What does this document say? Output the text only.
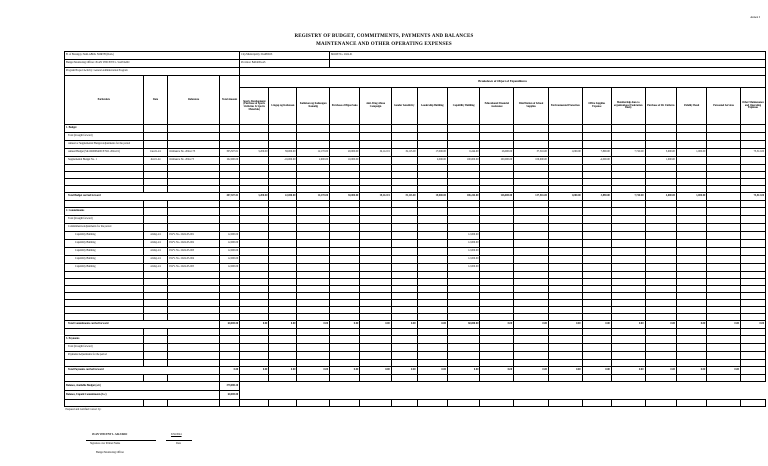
Annex I
REGISTRY OF BUDGET, COMMITMENTS, PAYMENTS AND BALANCES
MAINTENANCE AND OTHER OPERATING EXPENSES
B. of Barangay: MALABOG NORTH (DAG)				City/Municipality: DAPDIOS			MOOE No. 2024-01													
Budget Monitoring Officer: JUAN VINCENT L. SALVADO				Province: BATANGAS																
Program/Project/Activity: General Administration Program																				
Particulars	Date	Reference	Total Amount	Breakdown of Object of Expenditures																
				Sports Development (Purchase of Sports Uniforms & Sports Materials)	Lingap ng Kabataan	Kalinisan ng Kalusugan Kamalig	Purchase of Bigas/Sako	Anti-Drug Abuse Campaign	Gender Sensitivity	Leadership Building	Capability Building	Educational Financial Assistance	Distribution of School Supplies	Environmental Protection	Office Supplies Expense	Membership dues to organizations (Federation Dues)	Purchase of SK Uniform	Fidelity Bond	Personnel Services	Other Maintenance and Operating Expenses
1. Budget																				
Total (brought forward)																				
Annual or Supplemental Budget/Adjustments for the period																				
Annual Budget (SK ORDINANCE NO. 2024-01)	Jan-01-24	Ordinance No. 2024-173	305,307.01	3,200.00	38,000.00	12,170.00	20,000.00	19,112.01	19,113.00	17,000.00	6,244.00	26,000.00	37,516.00	1,000.00	7,890.00	7,720.00	3,000.00	1,000.00		73,512.00
Supplemental Budget No. 1	Jul-01-24	Ordinance No. 2024-73	102,000.00		-16,000.00	2,000.00	10,000.00			2,000.00	100,000.00	100,000.00	100,000.00		-4,000.00		1,000.00			

Total Budget carried forward			407,307.01	3,200.00	22,000.00	14,170.00	30,000.00	19,112.01	19,113.00	19,000.00	106,244.00	126,000.00	137,516.00	1,000.00	3,890.00	7,720.00	4,000.00	1,000.00		73,512.00

2. Commitments																				
Total (brought forward)																				
Commitments/Adjustments for the period																				
Capability Building	4-May-24	PO/V. No. 2024-05-001	12,000.00								12,000.00									
Capability Building	4-May-24	PO/V. No. 2024-05-002	12,000.00								12,000.00									
Capability Building	4-May-24	PO/V. No. 2024-05-003	12,000.00								12,000.00									
Capability Building	4-May-24	PO/V. No. 2024-05-004	12,000.00								12,000.00									
Capability Building	4-May-24	PO/V. No. 2024-05-005	12,000.00								12,000.00									

Total Commitments carried forward			60,000.00	0.00	0.00	0.00	0.00	0.00	0.00	0.00	60,000.00	0.00	0.00	0.00	0.00	0.00	0.00	0.00	0.00	0.00

3. Payments																				
Total (brought forward)																				
Payments/Adjustments for the period																				

Total Payments carried forward			0.00	0.00	0.00	0.00	0.00	0.00	0.00	0.00	0.00	0.00	0.00	0.00	0.00	0.00	0.00	0.00	0.00	

Balance, Available Budget (a-b)			379,080.20																	
Balance, Unpaid Commitments (b-c)			60,000.00																	

Prepared and Certified Correct by:																				
JUAN VINCENT L. SALVADO	6/30/2024
Signature over Printed Name	Date
Budget Monitoring Officer
